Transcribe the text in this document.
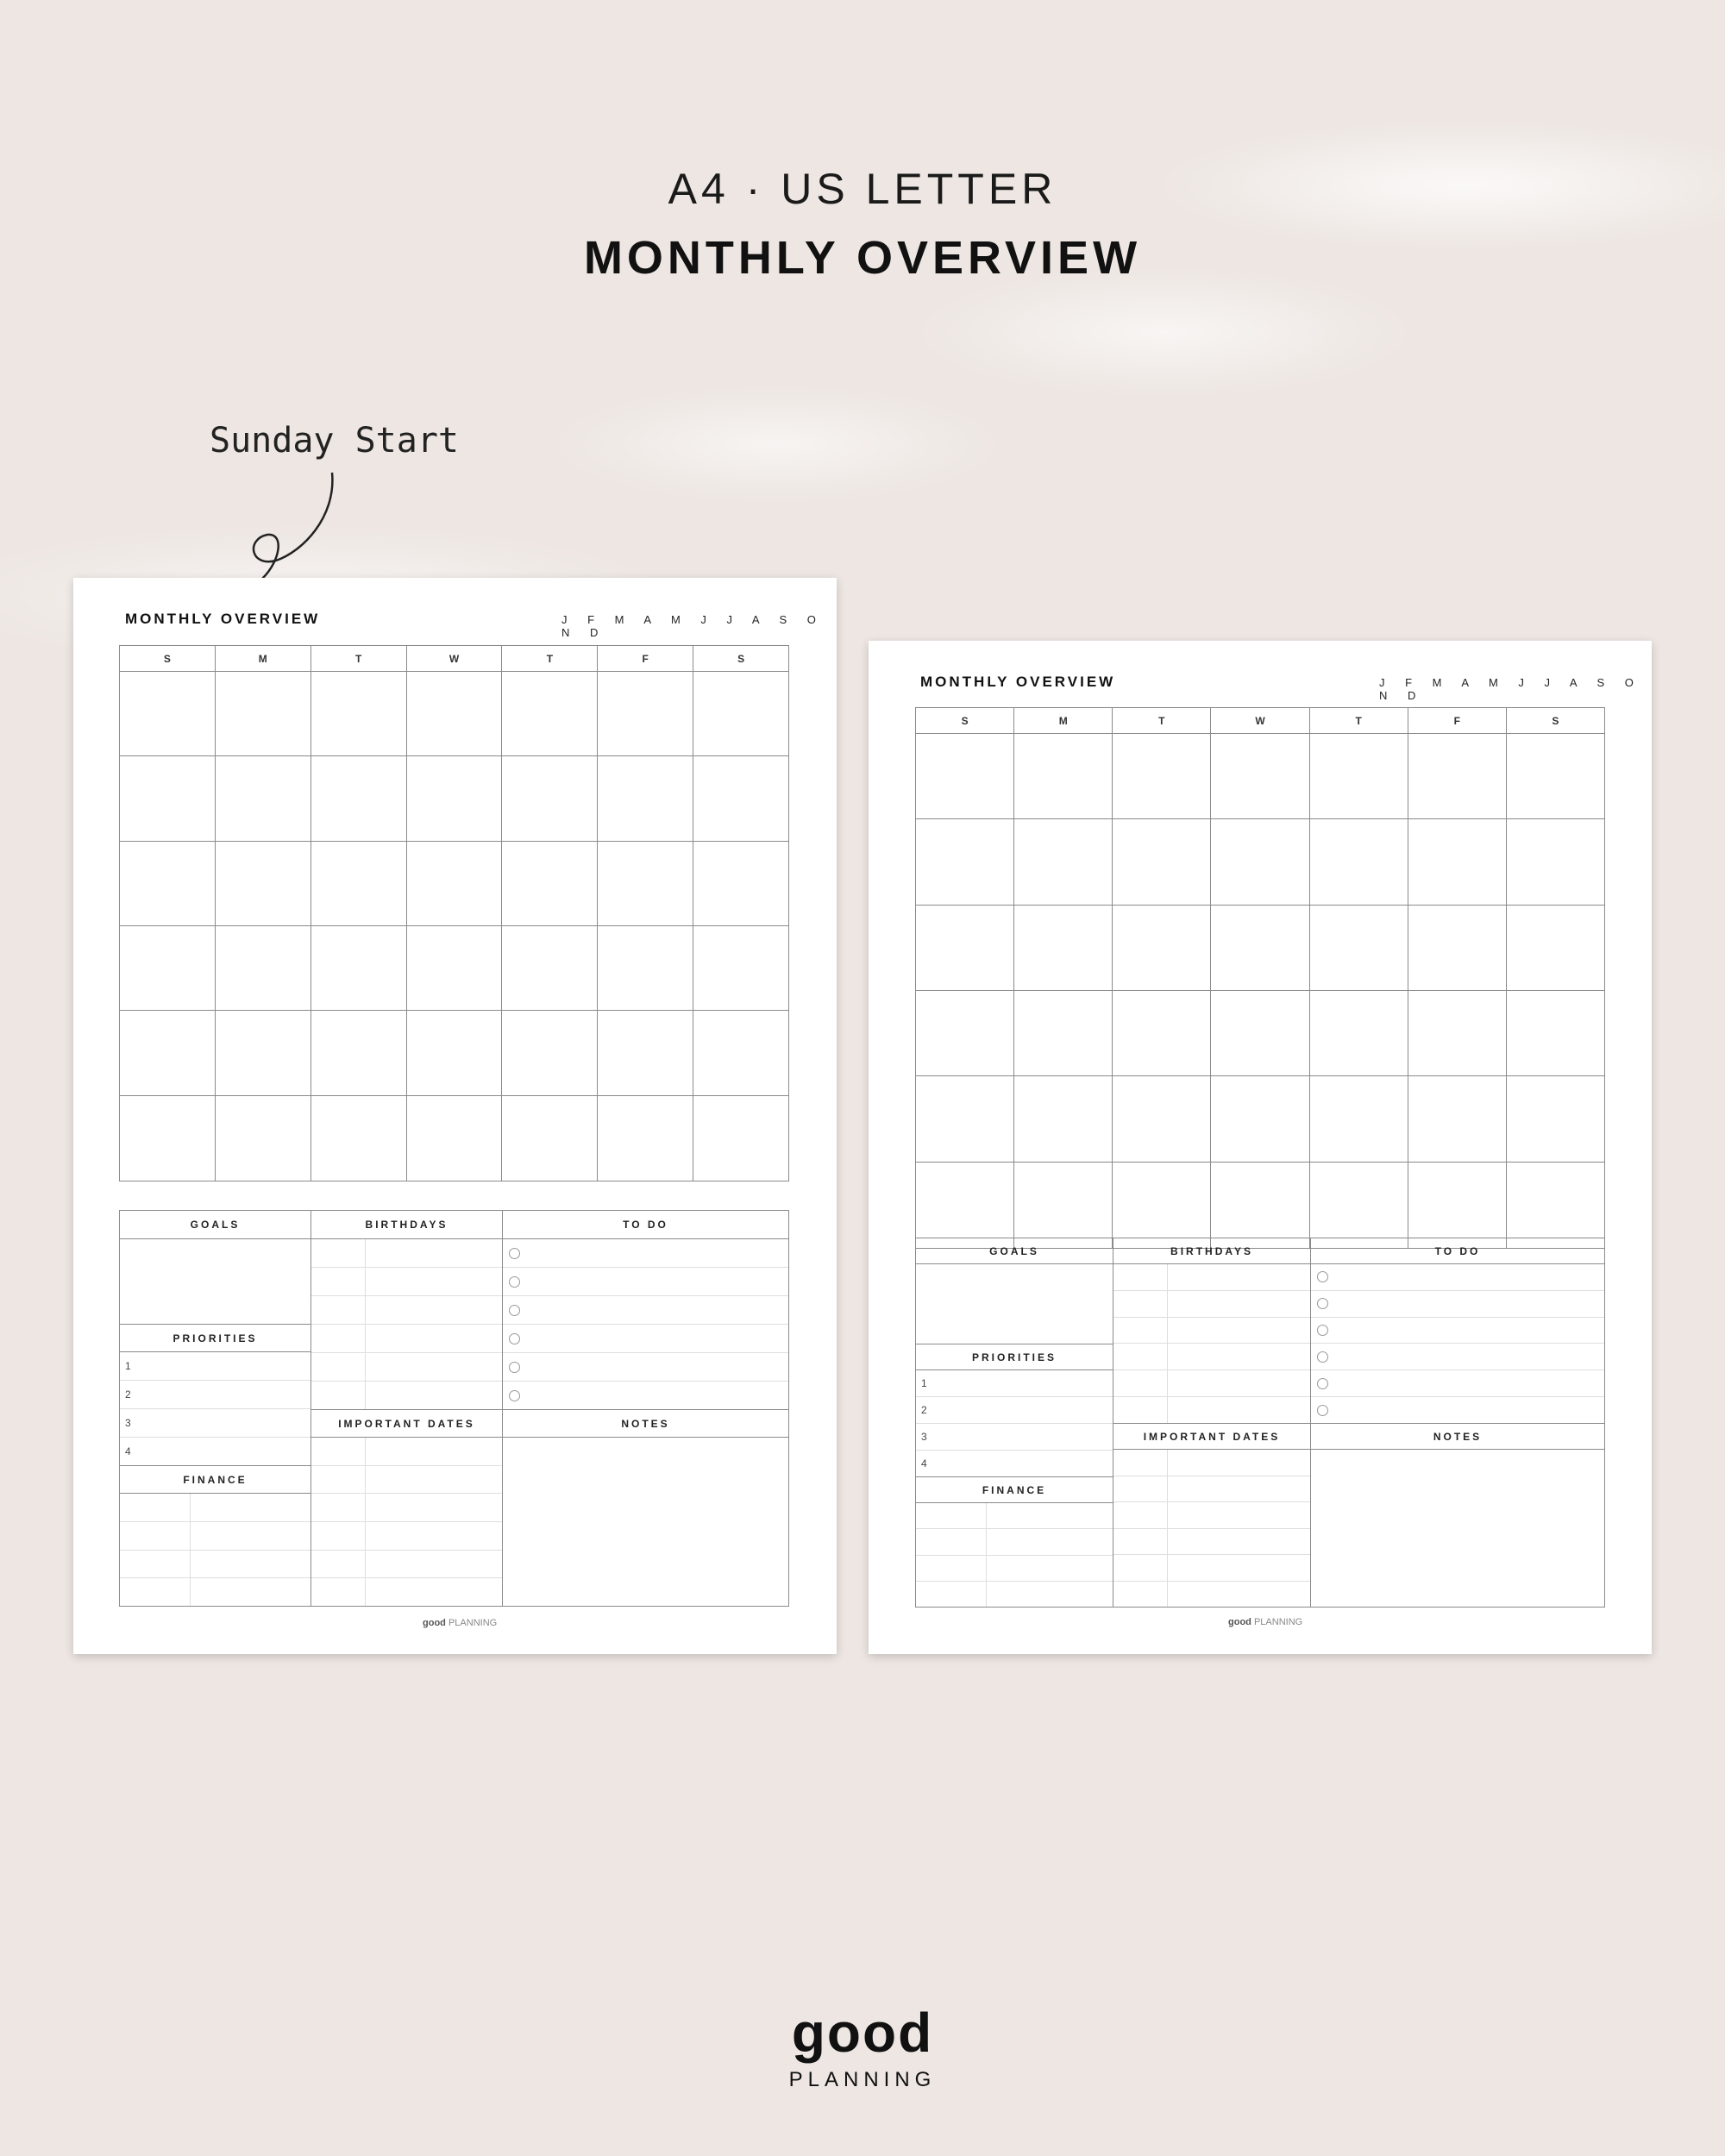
A4 · US LETTER
MONTHLY OVERVIEW
Sunday Start
MONTHLY OVERVIEW	J F M A M J J A S O N D
S	M	T	W	T	F	S
GOALS
PRIORITIES
1
2
3
4
FINANCE
BIRTHDAYS
IMPORTANT DATES
TO DO
NOTES
good PLANNING
MONTHLY OVERVIEW	J F M A M J J A S O N D
S	M	T	W	T	F	S
GOALS
PRIORITIES
1
2
3
4
FINANCE
BIRTHDAYS
IMPORTANT DATES
TO DO
NOTES
good PLANNING
good
PLANNING
